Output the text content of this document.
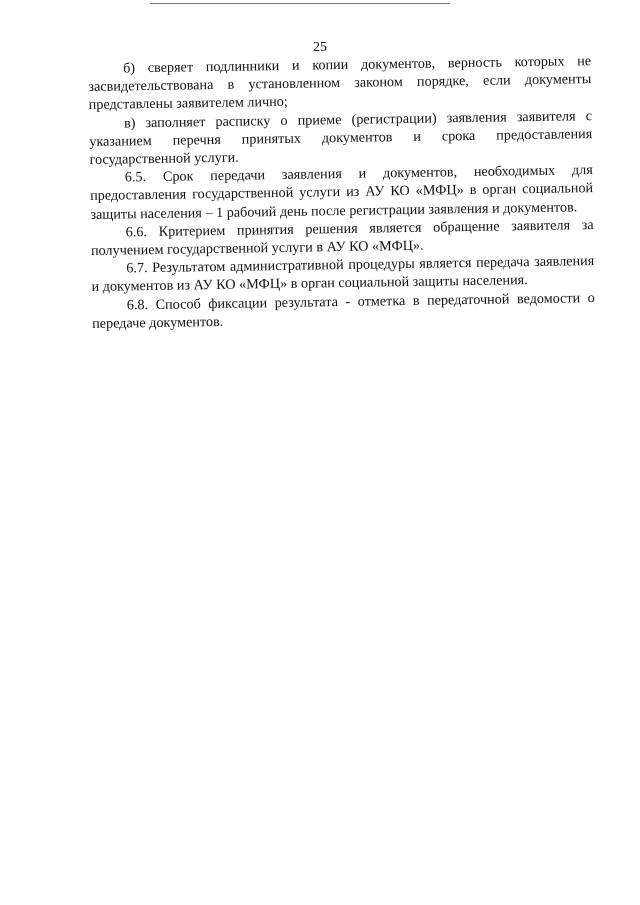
25

б) сверяет подлинники и копии документов, верность которых не засвидетельствована в установленном законом порядке, если документы представлены заявителем лично;

в) заполняет расписку о приеме (регистрации) заявления заявителя с указанием перечня принятых документов и срока предоставления государственной услуги.

6.5. Срок передачи заявления и документов, необходимых для предоставления государственной услуги из АУ КО «МФЦ» в орган социальной защиты населения – 1 рабочий день после регистрации заявления и документов.

6.6. Критерием принятия решения является обращение заявителя за получением государственной услуги в АУ КО «МФЦ».

6.7. Результатом административной процедуры является передача заявления и документов из АУ КО «МФЦ» в орган социальной защиты населения.

6.8. Способ фиксации результата - отметка в передаточной ведомости о передаче документов.
